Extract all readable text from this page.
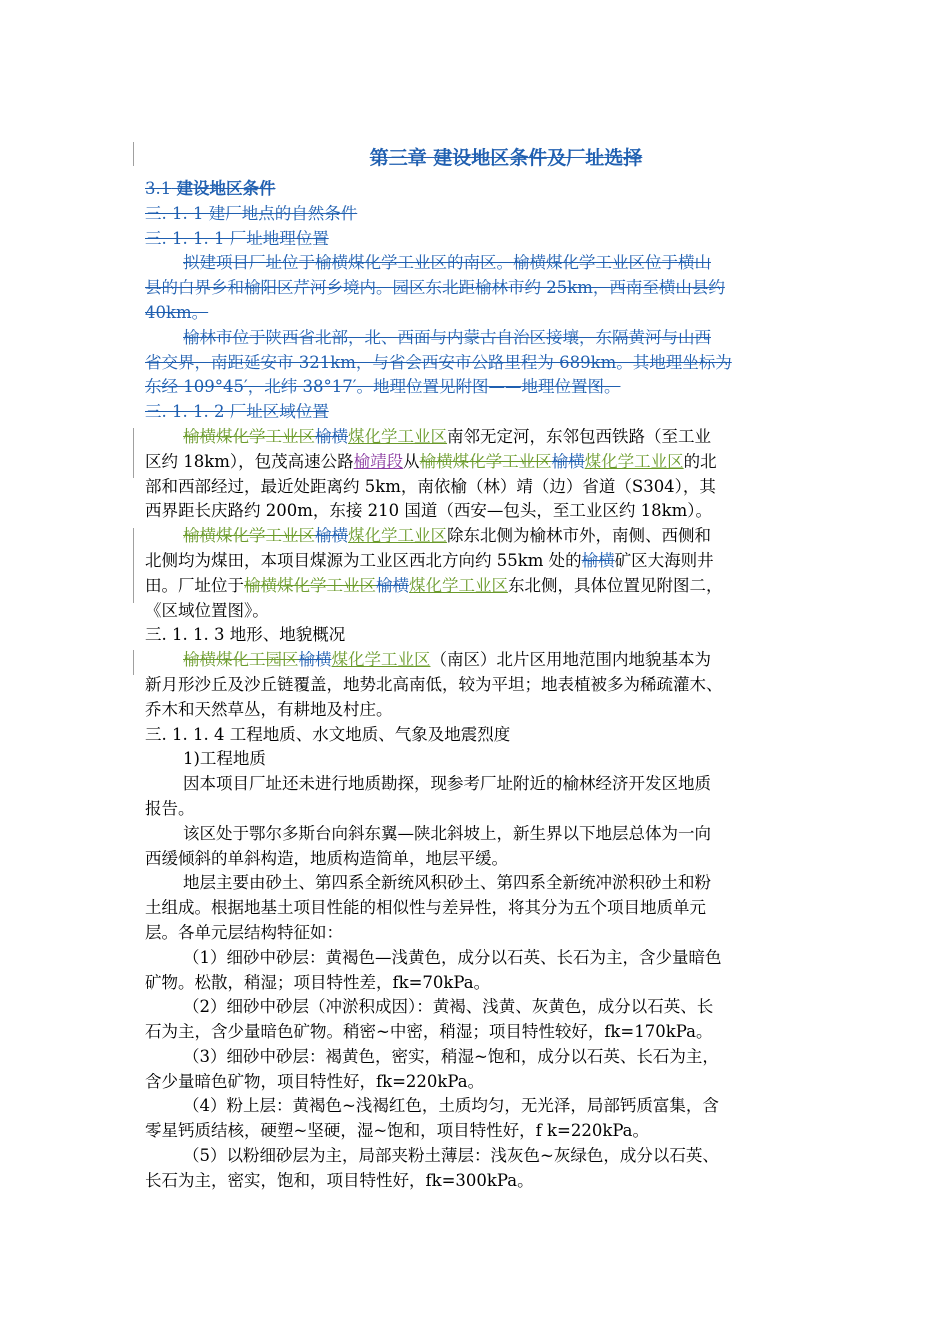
第三章 建设地区条件及厂址选择
3.1 建设地区条件
三. 1. 1 建厂地点的自然条件
三. 1. 1. 1 厂址地理位置
拟建项目厂址位于榆横煤化学工业区的南区。榆横煤化学工业区位于横山
县的白界乡和榆阳区芹河乡境内。园区东北距榆林市约 25km，西南至横山县约
40km。
榆林市位于陕西省北部，北、西面与内蒙古自治区接壤，东隔黄河与山西
省交界，南距延安市 321km，与省会西安市公路里程为 689km。其地理坐标为
东经 109°45′，北纬 38°17′。地理位置见附图——地理位置图。
三. 1. 1. 2 厂址区域位置
榆横煤化学工业区榆横煤化学工业区南邻无定河，东邻包西铁路（至工业
区约 18km），包茂高速公路榆靖段从榆横煤化学工业区榆横煤化学工业区的北
部和西部经过，最近处距离约 5km，南依榆（林）靖（边）省道（S304），其
西界距长庆路约 200m，东接 210 国道（西安—包头，至工业区约 18km）。
榆横煤化学工业区榆横煤化学工业区除东北侧为榆林市外，南侧、西侧和
北侧均为煤田，本项目煤源为工业区西北方向约 55km 处的榆横矿区大海则井
田。厂址位于榆横煤化学工业区榆横煤化学工业区东北侧，具体位置见附图二，
《区域位置图》。
三. 1. 1. 3 地形、地貌概况
榆横煤化工园区榆横煤化学工业区（南区）北片区用地范围内地貌基本为
新月形沙丘及沙丘链覆盖，地势北高南低，较为平坦；地表植被多为稀疏灌木、
乔木和天然草丛，有耕地及村庄。
三. 1. 1. 4 工程地质、水文地质、气象及地震烈度
1)工程地质
因本项目厂址还未进行地质勘探，现参考厂址附近的榆林经济开发区地质
报告。
该区处于鄂尔多斯台向斜东翼—陕北斜坡上，新生界以下地层总体为一向
西缓倾斜的单斜构造，地质构造简单，地层平缓。
地层主要由砂土、第四系全新统风积砂土、第四系全新统冲淤积砂土和粉
土组成。根据地基土项目性能的相似性与差异性，将其分为五个项目地质单元
层。各单元层结构特征如：
（1）细砂中砂层：黄褐色—浅黄色，成分以石英、长石为主，含少量暗色
矿物。松散，稍湿；项目特性差，fk=70kPa。
（2）细砂中砂层（冲淤积成因）：黄褐、浅黄、灰黄色，成分以石英、长
石为主，含少量暗色矿物。稍密~中密，稍湿；项目特性较好，fk=170kPa。
（3）细砂中砂层：褐黄色，密实，稍湿~饱和，成分以石英、长石为主，
含少量暗色矿物，项目特性好，fk=220kPa。
（4）粉上层：黄褐色~浅褐红色，土质均匀，无光泽，局部钙质富集，含
零星钙质结核，硬塑~坚硬，湿~饱和，项目特性好，f k=220kPa。
（5）以粉细砂层为主，局部夹粉土薄层：浅灰色~灰绿色，成分以石英、
长石为主，密实，饱和，项目特性好，fk=300kPa。
